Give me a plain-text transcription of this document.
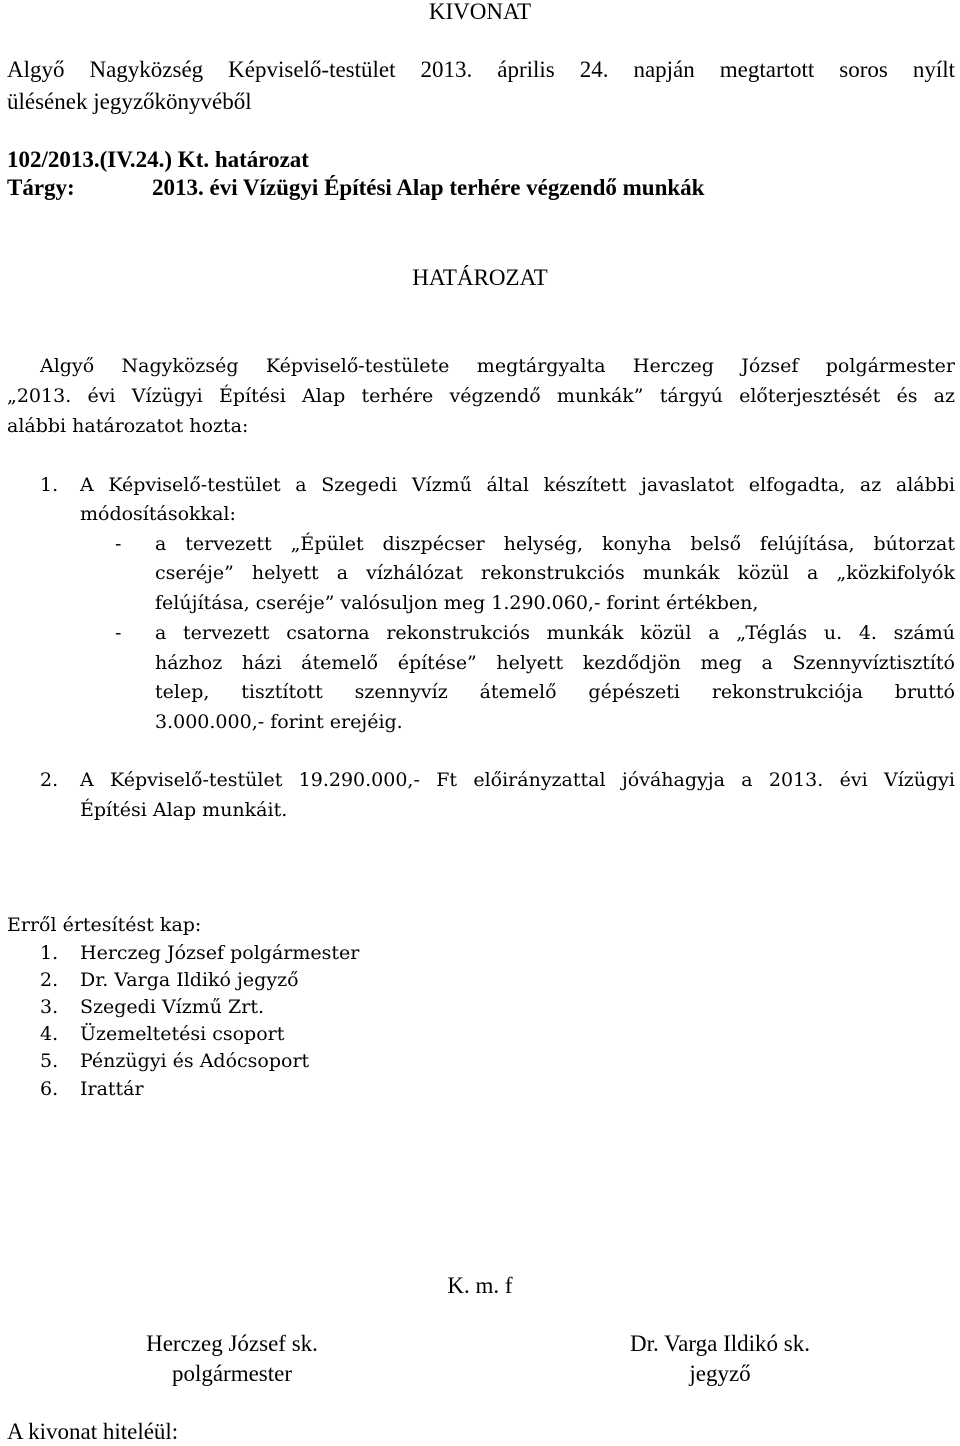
KIVONAT
Algyő Nagyközség Képviselő-testület 2013. április 24. napján megtartott soros nyílt
ülésének jegyzőkönyvéből
102/2013.(IV.24.) Kt. határozat
Tárgy:	2013. évi Vízügyi Építési Alap terhére végzendő munkák
HATÁROZAT
Algyő Nagyközség Képviselő-testülete megtárgyalta Herczeg József polgármester
„2013. évi Vízügyi Építési Alap terhére végzendő munkák” tárgyú előterjesztését és az
alábbi határozatot hozta:
1. A Képviselő-testület a Szegedi Vízmű által készített javaslatot elfogadta, az alábbi
módosításokkal:
- a tervezett „Épület diszpécser helység, konyha belső felújítása, bútorzat
cseréje” helyett a vízhálózat rekonstrukciós munkák közül a „közkifolyók
felújítása, cseréje” valósuljon meg 1.290.060,- forint értékben,
- a tervezett csatorna rekonstrukciós munkák közül a „Téglás u. 4. számú
házhoz házi átemelő építése” helyett kezdődjön meg a Szennyvíztisztító
telep, tisztított szennyvíz átemelő gépészeti rekonstrukciója bruttó
3.000.000,- forint erejéig.
2. A Képviselő-testület 19.290.000,- Ft előirányzattal jóváhagyja a 2013. évi Vízügyi
Építési Alap munkáit.
Erről értesítést kap:
1. Herczeg József polgármester
2. Dr. Varga Ildikó jegyző
3. Szegedi Vízmű Zrt.
4. Üzemeltetési csoport
5. Pénzügyi és Adócsoport
6. Irattár
K. m. f
Herczeg József sk.
polgármester
Dr. Varga Ildikó sk.
jegyző
A kivonat hiteléül:
